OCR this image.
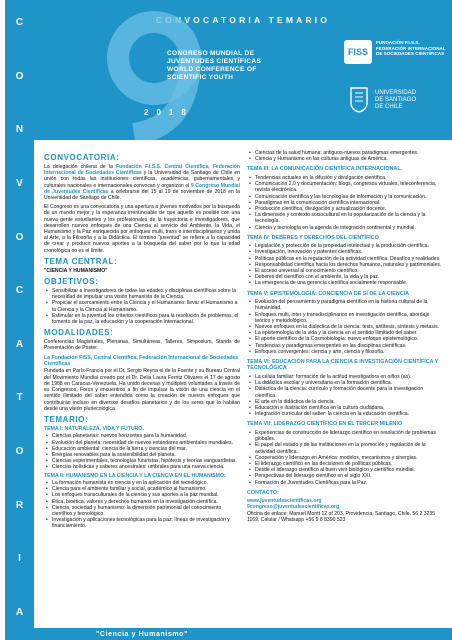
C
O
N
V
O
C
A
T
O
R
I
A
CONVOCATORIA TEMARIO
CONGRESO MUNDIAL DE
JUVENTUDES CIENTÍFICAS
WORLD CONFERENCE OF
SCIENTIFIC YOUTH
2018
FISS
FUNDACIÓN F.I.S.S.
FEDERACIÓN INTERNACIONAL
DE SOCIEDADES CIENTÍFICAS
UNIVERSIDAD
DE SANTIAGO
DE CHILE
CONVOCATORIA:
La delegación chilena de la Fundación F.I.S.S. Central Científica, Federación Internacional de Sociedades Científicas y la Universidad de Santiago de Chile en unión con todas las instituciones científicas, académicas, gubernamentales y culturales nacionales e internacionales convocan y organizan el 9 Congreso Mundial de Juventudes Científicas a celebrarse del 15 al 19 de noviembre de 2018 en la Universidad de Santiago de Chile.
El Congreso es una convocatoria y una apertura a jóvenes motivados por la búsqueda de un mundo mejor y la esperanza irrenunciable de que aquello es posible con una nueva gente estudiantes y los profesionales de la trayectoria e investigadores, que desarrollen nuevos enfoques de una Ciencia al servicio del Ambiente, la Vida, el Humanismo y la Paz enriquecida por enfoques multi, trans e interdisciplinarios y unida al Arte, a la Filosofía y a la Didáctica. El término "juventud" se refiere a la capacidad de crear y producir nuevos aportes a la búsqueda del saber por lo que la edad cronológica no es el límite.
TEMA CENTRAL:
"CIENCIA Y HUMANISMO"
OBJETIVOS:
• Sensibilizar a investigadores de todas las edades y disciplinas científicas sobre la necesidad de impulsar una visión humanista de la Ciencia.
• Propiciar el acercamiento entre la Ciencia y el Humanismo: llevar el Humanismo a la Ciencia y la Ciencia al Humanismo.
• Estimular en la juventud los criterios científicos para la resolución de problemas, el fomento de la paz, la educación y la cooperación internacional.
MODALIDADES:
Conferencias Magistrales, Plenarias, Simultáneas, Talleres, Simposium, Stands de Presentación de Poster.
La Fundación FISS, Central Científica, Federación Internacional de Sociedades Científicas
Fundada en París-Francia por el Dr. Sergio Reyna el de la Fuente y su Bureau Central del Movimiento Mundial creado por el Dr. Delia Laura Ferritz Olivares el 17 de agosto de 1988 en Caracas-Venezuela. Ha unido decenas y múltiples voluntades a través de su Congresos, Foros y encuentros a fin de impulsar la visión de una ciencia en el sentido ilimitado del saber entendida como la creación de nuevos enfoques que contribuirán incluso en diversos desafíos planetarios y de los seres que lo habitan desde una visión pluriecológica.
TEMARIO:
TEMA I: NATURALEZA, VIDA Y FUTURO.
• Ciencias planetarias: nuevos horizontes para la humanidad.
• Evolución del planeta: necesidad de nuevos estándares ambientales mundiales.
• Educación ambiental: ciencia de la tierra y ciencias del mar.
• Energías renovables para la sostenibilidad del planeta.
• Ciencias experimentales, tecnologías futuristas, hipótesis y teorías vanguardistas.
• Ciencias holísticas y saberes ancestrales: umbrales para una nueva ciencia.
TEMA II: HUMANISMO EN LA CIENCIA Y LA CIENCIA EN EL HUMANISMO:
• La formación humanista en ciencia y en la aplicación del tecnológico.
• Ciencia para el ambiente familiar y social, académico al humanismo.
• Los enfoques transculturales de la ciencia y sus aportes a la paz mundial.
• Ética, bioética, valores y derechos humanos en la investigación científica.
• Ciencia, sociedad y humanismo: la dimensión patrimonial del conocimiento científico y tecnológico.
• Investigación y aplicaciones tecnológicas para la paz: líneas de investigación y financiamiento.
• Ciencias de la salud humana: antiguos-nuevos paradigmas emergentes.
• Ciencia y Humanismo en las culturas antiguas de América.
TEMA III: LA COMUNICACIÓN CIENTÍFICA INTERNACIONAL.
• Tendencias actuales en la difusión y divulgación científica.
• Comunicación 2.0 y documentación: blogs, congresos virtuales, teleconferencia, revista electrónica.
• Comunicación científica y las tecnologías de información y la comunicación.
• Paradigmas en la comunicación científica internacional.
• Producción científica, divulgación y actualización docente.
• La dimensión y contexto sociocultural en la popularización de la ciencia y la tecnología.
• Ciencia y tecnología en la agenda de integración continental y mundial.
TEMA IV: DEBERES Y DERECHOS DEL CIENTÍFICO
• Legislación y protección de la propiedad intelectual y la producción científica.
• Investigación, innovación y patentes científicas.
• Políticas públicas en la regulación de la actividad científica. Desafíos y realidades.
• Responsabilidad científica hacia los derechos humanos, naturales y patrimoniales.
• El acceso universal al conocimiento científico.
• Deberes del científico con el ambiente, la vida y la paz.
• La emergencia de una gerencia científica socialmente responsable.
TEMA V: EPISTEMOLOGÍA: CONCIENCIA DE SÍ DE LA CIENCIA
• Evolución del pensamiento y paradigma científico en la historia cultural de la humanidad.
• Enfoques multi, inter y transdisciplinarios en investigación científica, abordaje teórico y metodológico.
• Nuevos enfoques en la dialéctica de la ciencia: tesis, antítesis, síntesis y metasis.
• La epistemología de la vida y la ciencia en el sentido ilimitado del saber.
• El aporte científico de la Cosmobiología: nuevo enfoque epistemológico.
• Tendencias y paradigmas emergentes en las disciplinas científicas.
• Enfoques convergentes: ciencia y arte, ciencia y filosofía.
TEMA VI: EDUCACIÓN PARA LA CIENCIA E INVESTIGACIÓN CIENTÍFICA Y TECNOLÓGICA
• La célula familiar: formación de la actitud investigadora en niños (as).
• La didáctica escolar y universitaria en la formación científica.
• Didáctica de la ciencia: currículo y formación docente para la investigación científica.
• El arte en la didáctica de la ciencia.
• Educación e ilustración científica en la cultura ciudadana.
• Integración curricular del saber: la ciencia en la educación científica.
TEMA VII: LIDERAZGO CIENTÍFICO EN EL TERCER MILENIO
• Experiencias de construcción de liderazgo científico en resolución de problemas globales.
• El papel del estado y de las instituciones en la promoción y regulación de la actividad científica.
• Cooperación y liderazgo en América: modelos, mecanismos y sinergias.
• El liderazgo científico en las decisiones de políticas públicas.
• Desde el liderazgo científico al buen vivir biológico y científico mundial.
• Perspectivas del liderazgo científico en el siglo XXI.
• Formación de Juventudes Científicas para la Paz.
CONTACTO:
www.juventudescientificas.org
9congreso@juventudescientificas.org
Oficina de enlace: Manuel Montt 12 of 203, Providencia, Santiago, Chile. 56 2 3235 1169. Celular / Whatsapp +56 9 8 8390 523
"Ciencia y Humanismo"
